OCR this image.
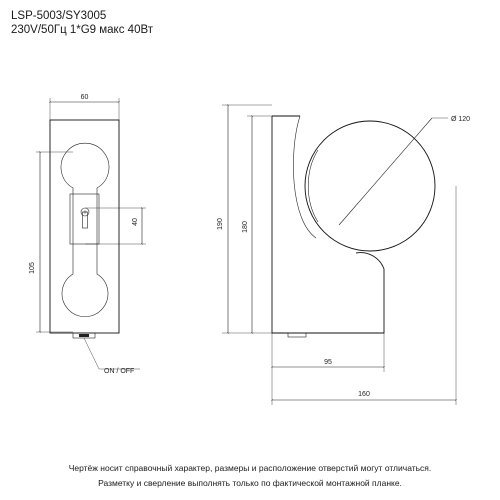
LSP-5003/SY3005
230V/50Гц 1*G9 макс 40Вт
60
105
40
ON / OFF
Ø 120
190	180
95
160
Чертёж носит справочный характер, размеры и расположение отверстий могут отличаться.
Разметку и сверление выполнять только по фактической монтажной планке.
